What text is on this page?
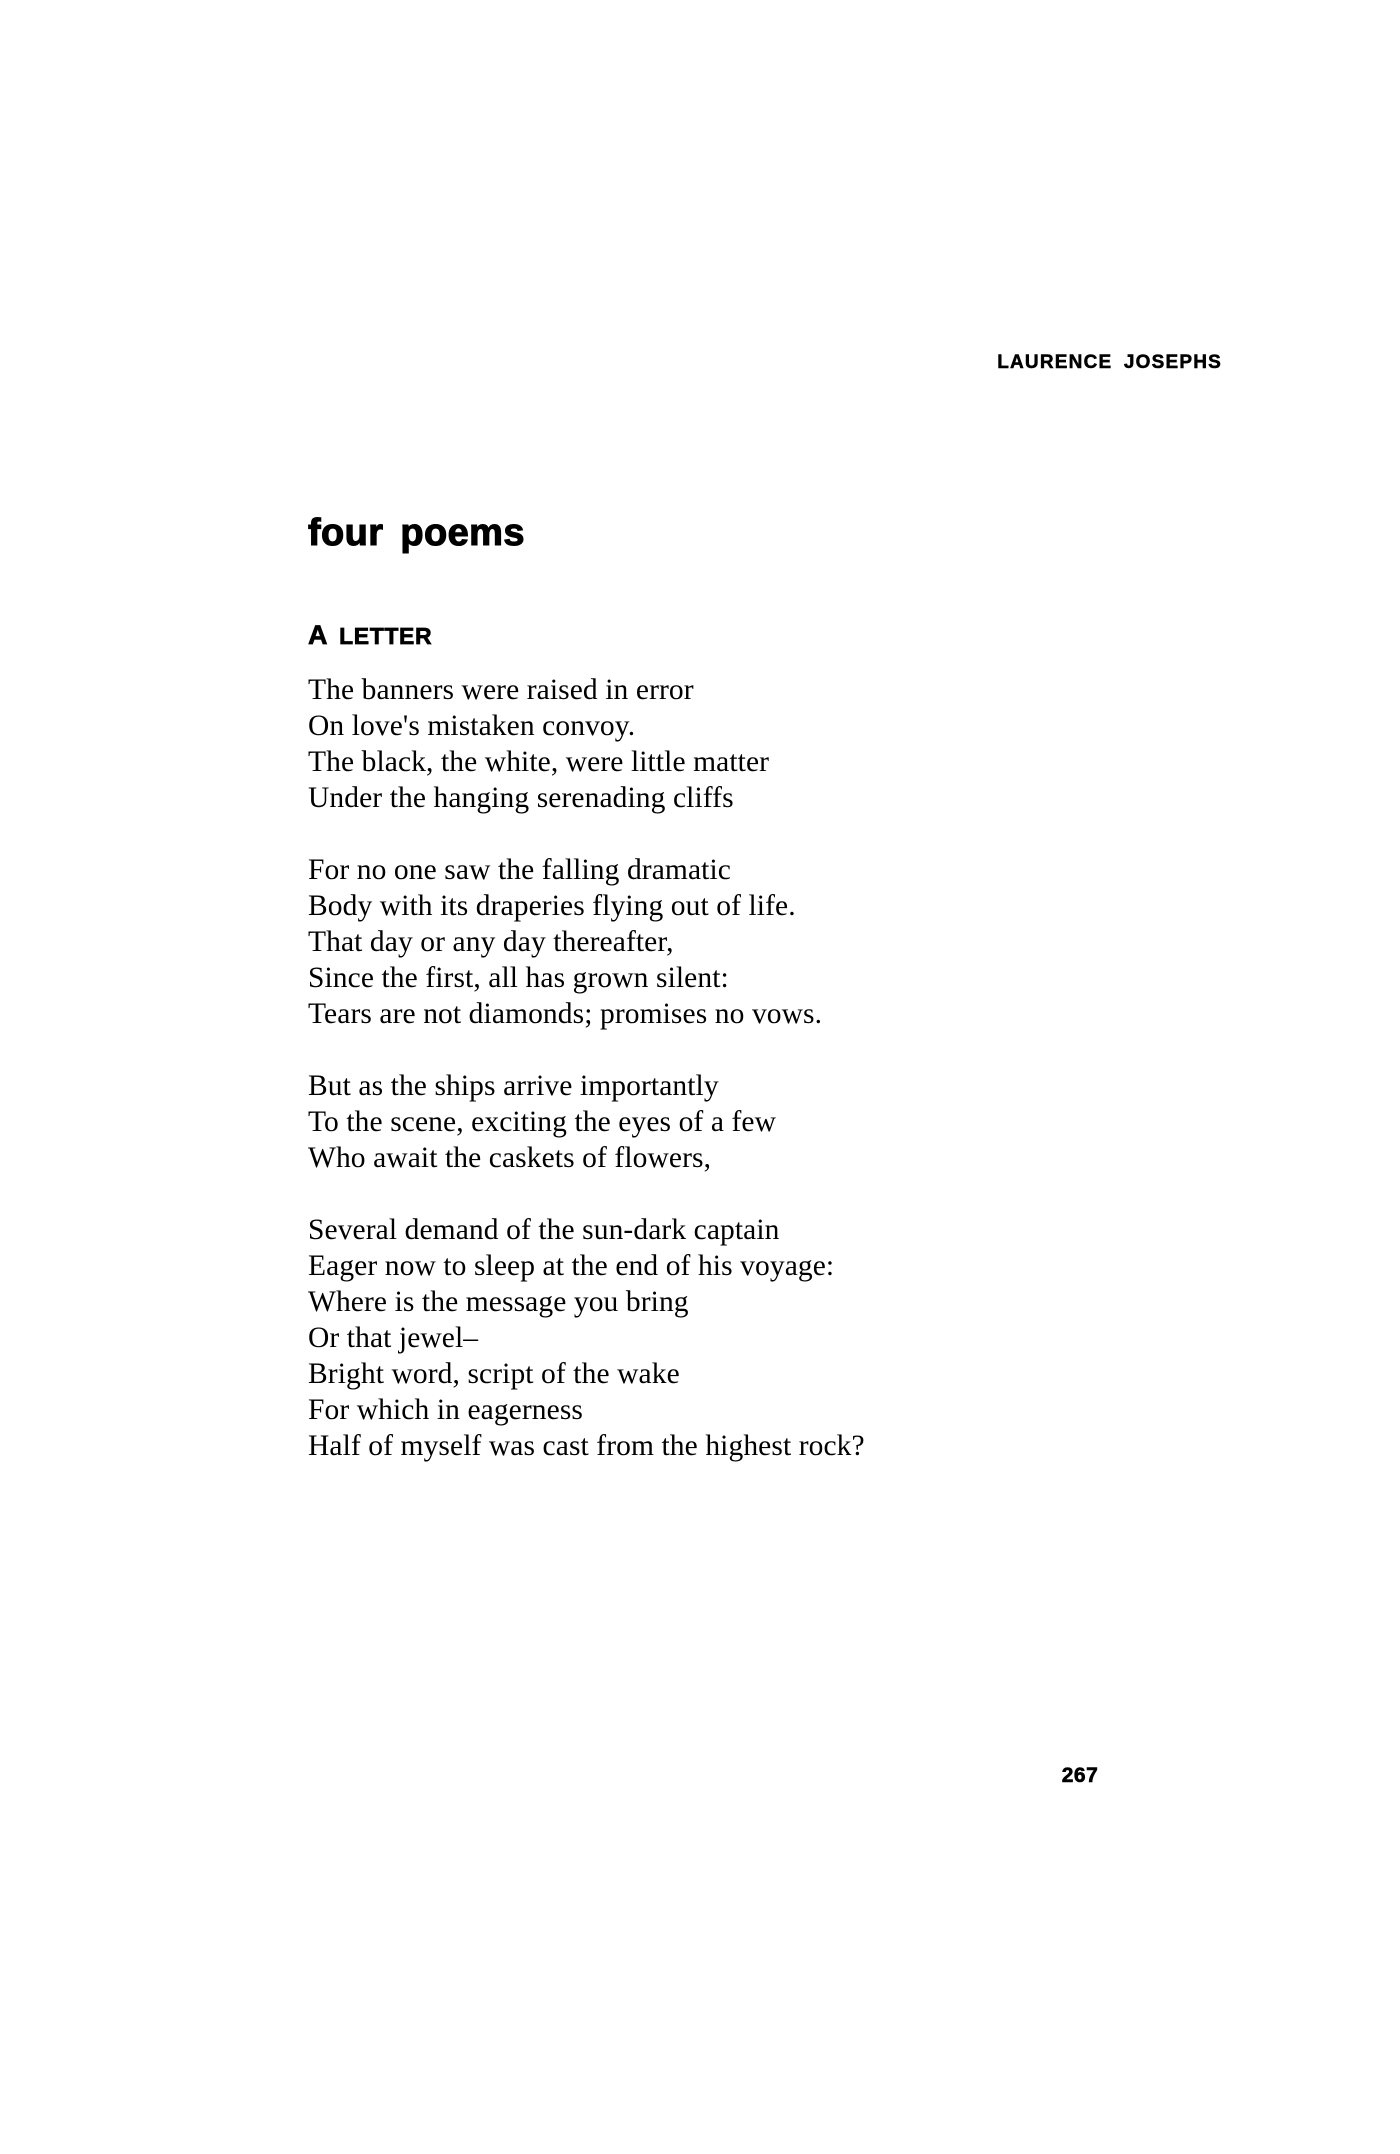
LAURENCE JOSEPHS
four poems
A LETTER
The banners were raised in error
On love's mistaken convoy.
The black, the white, were little matter
Under the hanging serenading cliffs
For no one saw the falling dramatic
Body with its draperies flying out of life.
That day or any day thereafter,
Since the first, all has grown silent:
Tears are not diamonds; promises no vows.
But as the ships arrive importantly
To the scene, exciting the eyes of a few
Who await the caskets of flowers,
Several demand of the sun-dark captain
Eager now to sleep at the end of his voyage:
Where is the message you bring
Or that jewel–
Bright word, script of the wake
For which in eagerness
Half of myself was cast from the highest rock?
267
